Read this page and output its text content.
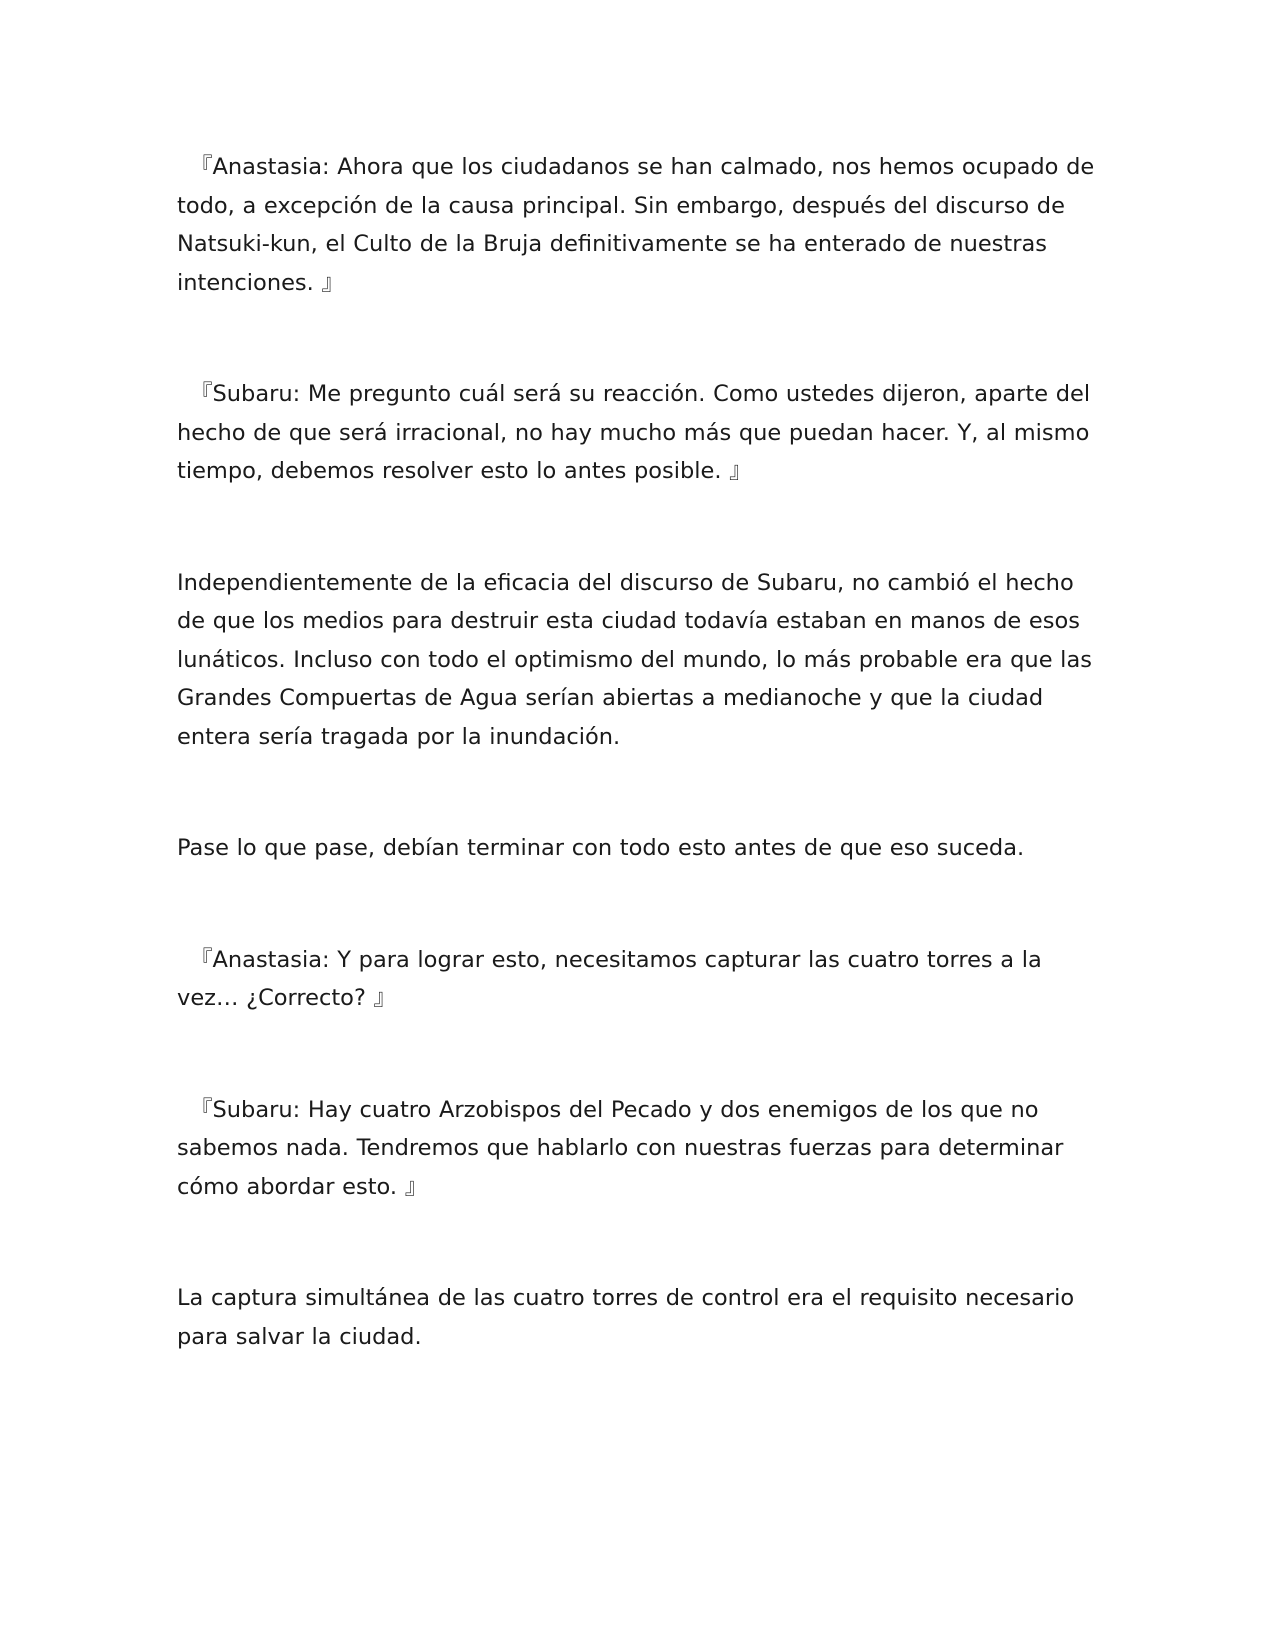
『Anastasia: Ahora que los ciudadanos se han calmado, nos hemos ocupado de todo, a excepción de la causa principal. Sin embargo, después del discurso de Natsuki-kun, el Culto de la Bruja definitivamente se ha enterado de nuestras intenciones. 』

『Subaru: Me pregunto cuál será su reacción. Como ustedes dijeron, aparte del hecho de que será irracional, no hay mucho más que puedan hacer. Y, al mismo tiempo, debemos resolver esto lo antes posible. 』

Independientemente de la eficacia del discurso de Subaru, no cambió el hecho de que los medios para destruir esta ciudad todavía estaban en manos de esos lunáticos. Incluso con todo el optimismo del mundo, lo más probable era que las Grandes Compuertas de Agua serían abiertas a medianoche y que la ciudad entera sería tragada por la inundación.

Pase lo que pase, debían terminar con todo esto antes de que eso suceda.

『Anastasia: Y para lograr esto, necesitamos capturar las cuatro torres a la vez… ¿Correcto? 』

『Subaru: Hay cuatro Arzobispos del Pecado y dos enemigos de los que no sabemos nada. Tendremos que hablarlo con nuestras fuerzas para determinar cómo abordar esto. 』

La captura simultánea de las cuatro torres de control era el requisito necesario para salvar la ciudad.
